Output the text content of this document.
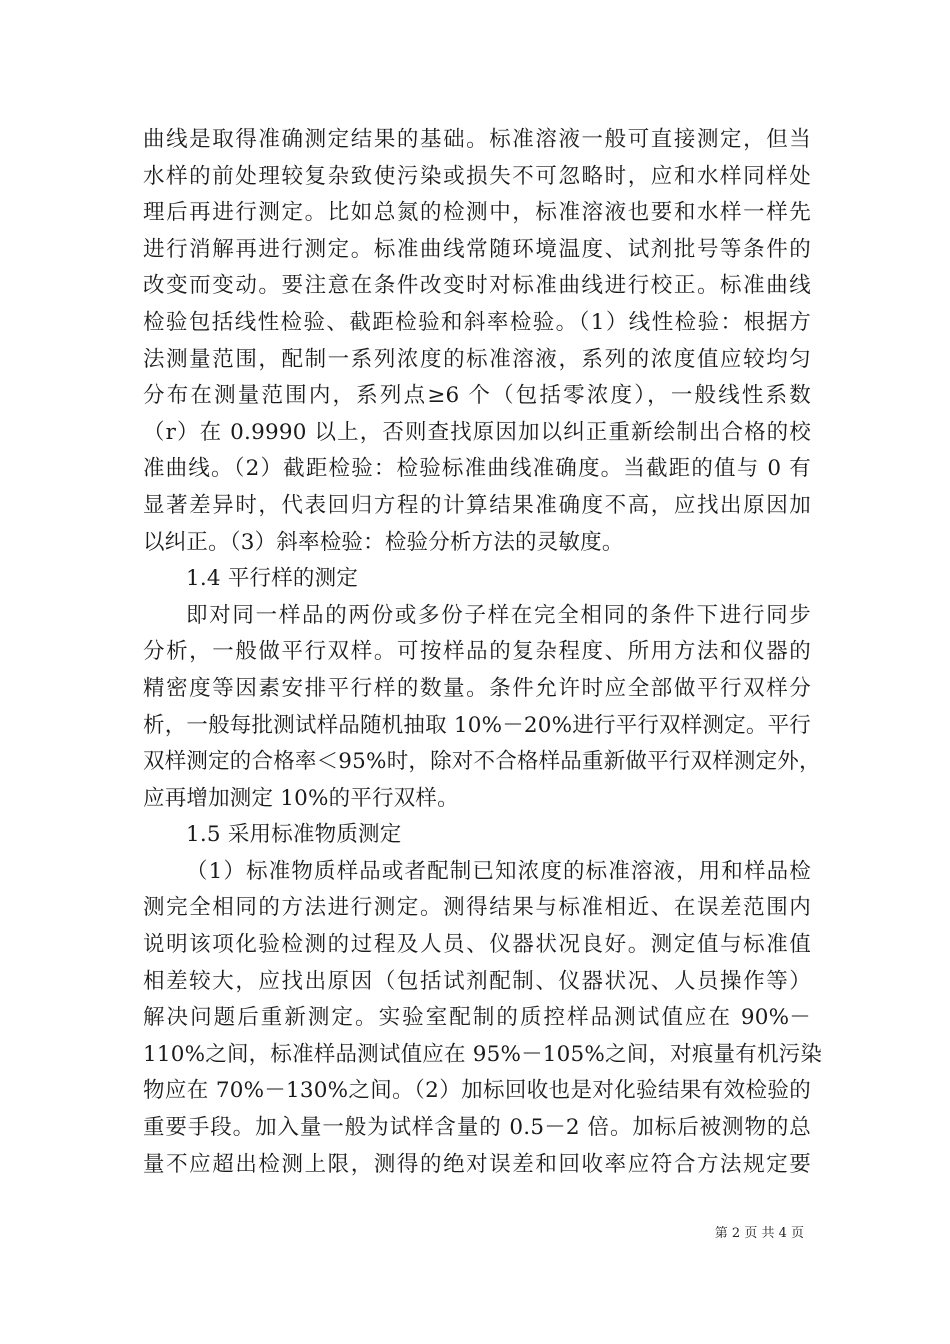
曲线是取得准确测定结果的基础。标准溶液一般可直接测定，但当
水样的前处理较复杂致使污染或损失不可忽略时，应和水样同样处
理后再进行测定。比如总氮的检测中，标准溶液也要和水样一样先
进行消解再进行测定。标准曲线常随环境温度、试剂批号等条件的
改变而变动。要注意在条件改变时对标准曲线进行校正。标准曲线
检验包括线性检验、截距检验和斜率检验。（1）线性检验：根据方
法测量范围，配制一系列浓度的标准溶液，系列的浓度值应较均匀
分布在测量范围内，系列点≥6 个（包括零浓度），一般线性系数
（r）在 0.9990 以上，否则查找原因加以纠正重新绘制出合格的校
准曲线。（2）截距检验：检验标准曲线准确度。当截距的值与 0 有
显著差异时，代表回归方程的计算结果准确度不高，应找出原因加
以纠正。（3）斜率检验：检验分析方法的灵敏度。
1.4 平行样的测定
即对同一样品的两份或多份子样在完全相同的条件下进行同步
分析，一般做平行双样。可按样品的复杂程度、所用方法和仪器的
精密度等因素安排平行样的数量。条件允许时应全部做平行双样分
析，一般每批测试样品随机抽取 10%－20%进行平行双样测定。平行
双样测定的合格率＜95%时，除对不合格样品重新做平行双样测定外，
应再增加测定 10%的平行双样。
1.5 采用标准物质测定
（1）标准物质样品或者配制已知浓度的标准溶液，用和样品检
测完全相同的方法进行测定。测得结果与标准相近、在误差范围内
说明该项化验检测的过程及人员、仪器状况良好。测定值与标准值
相差较大，应找出原因（包括试剂配制、仪器状况、人员操作等）
解决问题后重新测定。实验室配制的质控样品测试值应在 90%－
110%之间，标准样品测试值应在 95%－105%之间，对痕量有机污染
物应在 70%－130%之间。（2）加标回收也是对化验结果有效检验的
重要手段。加入量一般为试样含量的 0.5－2 倍。加标后被测物的总
量不应超出检测上限，测得的绝对误差和回收率应符合方法规定要
第 2 页 共 4 页
